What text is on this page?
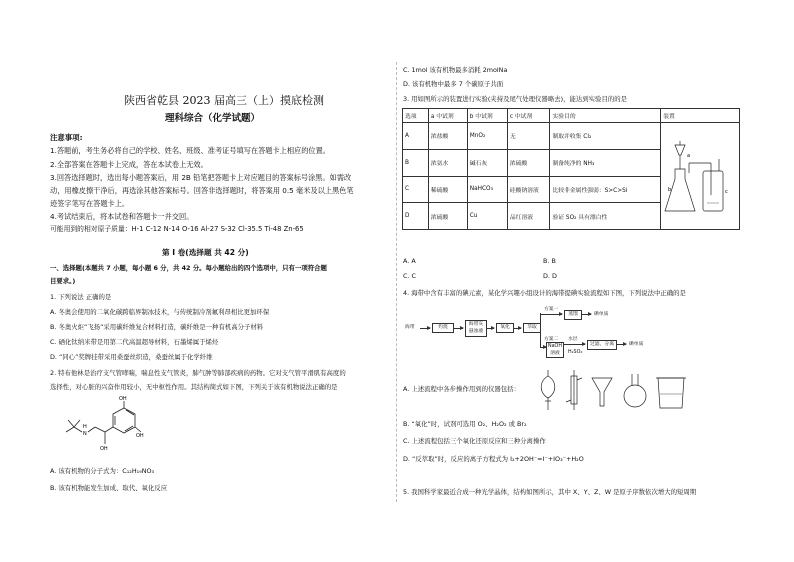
陕西省乾县 2023 届高三（上）摸底检测
理科综合（化学试题）
注意事项:
1.答题前，考生务必将自己的学校、姓名、班级、准考证号填写在答题卡上相应的位置。
2.全部答案在答题卡上完成，答在本试卷上无效。
3.回答选择题时，选出每小题答案后，用 2B 铅笔把答题卡上对应题目的答案标号涂黑。如需改
动，用橡皮擦干净后，再选涂其他答案标号。回答非选择题时，将答案用 0.5 毫米及以上黑色笔
迹签字笔写在答题卡上。
4.考试结束后，将本试卷和答题卡一并交回。
可能用到的相对原子质量：H-1 C-12 N-14 O-16 Al-27 S-32 Cl-35.5 Ti-48 Zn-65
第 I 卷(选择题 共 42 分)
一、选择题(本题共 7 小题，每小题 6 分，共 42 分。每小题给出的四个选项中，只有一项符合题
目要求。)
1. 下列说法 正确的是
A. 冬奥会使用的二氧化碳跨临界制冰技术，与传统制冷剂氟利昂相比更加环保
B. 冬奥火炬“飞扬”采用碳纤维复合材料打造，碳纤维是一种有机高分子材料
C. 硒化钛纳米带是用第二代高温超导材料，石墨烯属于烯烃
D. “同心”奖牌挂带采用桑蚕丝织造，桑蚕丝属于化学纤维
2. 特布他林是治疗支气管哮喘，喘息性支气管炎，肺气肿等肺部疾病的药物。它对支气管平滑肌有高度的
选择性，对心脏的兴奋作用较小，无中枢性作用。其结构简式如下图，下列关于该有机物说法正确的是
OH
OH
OH
H
N
A. 该有机物的分子式为：C₁₂H₁₉NO₃
B. 该有机物能发生加成、取代、氧化反应
C. 1mol 该有机物最多消耗 2molNa
D. 该有机物中最多 7 个碳原子共面
3. 用如图所示的装置进行实验(夹持及尾气处理仪器略去)，能达到实验目的的是
选项	a 中试剂	b 中试剂	c 中试剂	实验目的	装置
A	浓盐酸	MnO₂	无	制取并收集 Cl₂	a
b c

B	浓氨水	碱石灰	浓硫酸	制备纯净的 NH₃	
C	稀硫酸	NaHCO₃	硅酸钠溶液	比较非金属性强弱：S>C>Si	
D	浓硫酸	Cu	品红溶液	验证 SO₂ 具有漂白性	
A. A	B. B
C. C	D. D
4. 海带中含有丰富的碘元素，某化学兴趣小组设计的海带提碘实验流程如下图，下列说法中正确的是
海带	灼烧
海带灰 悬浊液
氧化	萃取
方案一
蒸馏	碘单质
方案二
NaOH 溶液
水层
H₂SO₄
过滤，分离	碘单质
A. 上述流程中各步操作用到的仪器包括：
B. “氧化”时，试剂可选用 O₂、H₂O₂ 或 Br₂
C. 上述流程包括三个氧化还原反应和三种分离操作
D. “反萃取”时，反应的离子方程式为 I₂+2OH⁻=I⁻+IO₃⁻+H₂O
5. 我国科学家最近合成一种光学晶体，结构如图所示，其中 X、Y、Z、W 是原子序数依次增大的短周期
